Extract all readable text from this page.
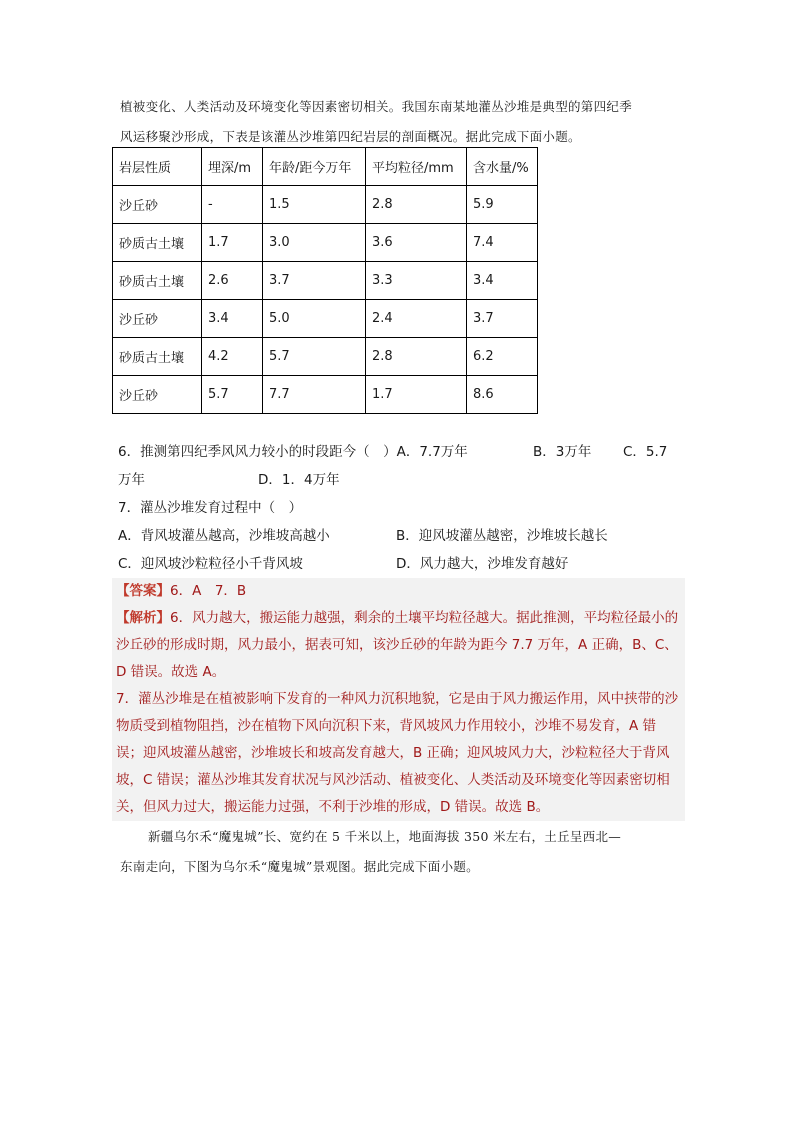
植被变化、人类活动及环境变化等因素密切相关。我国东南某地灌丛沙堆是典型的第四纪季
风运移聚沙形成，下表是该灌丛沙堆第四纪岩层的剖面概况。据此完成下面小题。
岩层性质	埋深/m	年龄/距今万年	平均粒径/mm	含水量/%
沙丘砂	-	1.5	2.8	5.9
砂质古土壤	1.7	3.0	3.6	7.4
砂质古土壤	2.6	3.7	3.3	3.4
沙丘砂	3.4	5.0	2.4	3.7
砂质古土壤	4.2	5.7	2.8	6.2
沙丘砂	5.7	7.7	1.7	8.6
6．推测第四纪季风风力较小的时段距今（　）A．7.7万年	B．3万年 C．5.7
万年	D．1．4万年
7．灌丛沙堆发育过程中（　）
A．背风坡灌丛越高，沙堆坡高越小	B．迎风坡灌丛越密，沙堆坡长越长
C．迎风坡沙粒粒径小千背风坡	D．风力越大，沙堆发育越好

【答案】6．A　7．B

【解析】6．风力越大，搬运能力越强，剩余的土壤平均粒径越大。据此推测，平均粒径最小的沙丘砂的形成时期，风力最小，据表可知，该沙丘砂的年龄为距今 7.7 万年，A 正确，B、C、D 错误。故选 A。

7．灌丛沙堆是在植被影响下发育的一种风力沉积地貌，它是由于风力搬运作用，风中挟带的沙物质受到植物阻挡，沙在植物下风向沉积下来，背风坡风力作用较小，沙堆不易发育，A 错误；迎风坡灌丛越密，沙堆坡长和坡高发育越大，B 正确；迎风坡风力大，沙粒粒径大于背风坡，C 错误；灌丛沙堆其发育状况与风沙活动、植被变化、人类活动及环境变化等因素密切相关，但风力过大，搬运能力过强，不利于沙堆的形成，D 错误。故选 B。

新疆乌尔禾“魔鬼城”长、宽约在 5 千米以上，地面海拔 350 米左右，土丘呈西北—
东南走向，下图为乌尔禾“魔鬼城”景观图。据此完成下面小题。
